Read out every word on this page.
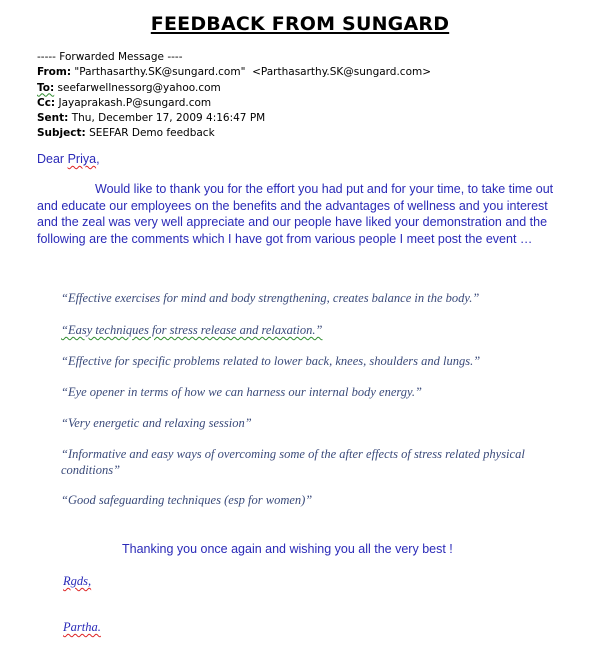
FEEDBACK FROM SUNGARD
----- Forwarded Message ----
From: "Parthasarthy.SK@sungard.com"  <Parthasarthy.SK@sungard.com>
To: seefarwellnessorg@yahoo.com
Cc: Jayaprakash.P@sungard.com
Sent: Thu, December 17, 2009 4:16:47 PM
Subject: SEEFAR Demo feedback
Dear Priya,
Would like to thank you for the effort you had put and for your time, to take time out and educate our employees on the benefits and the advantages of wellness and you interest and the zeal was very well appreciate and our people have liked your demonstration and the following are the comments which I have got from various people I meet post the event …
“Effective exercises for mind and body strengthening, creates balance in the body.”
“Easy techniques for stress release and relaxation.”
“Effective for specific problems related to lower back, knees, shoulders and lungs.”
“Eye opener in terms of how we can harness our internal body energy.”
“Very energetic and relaxing session”
“Informative and easy ways of overcoming some of the after effects of stress related physical conditions”
“Good safeguarding techniques (esp for women)”
Thanking you once again and wishing you all the very best !
Rgds,
Partha.
